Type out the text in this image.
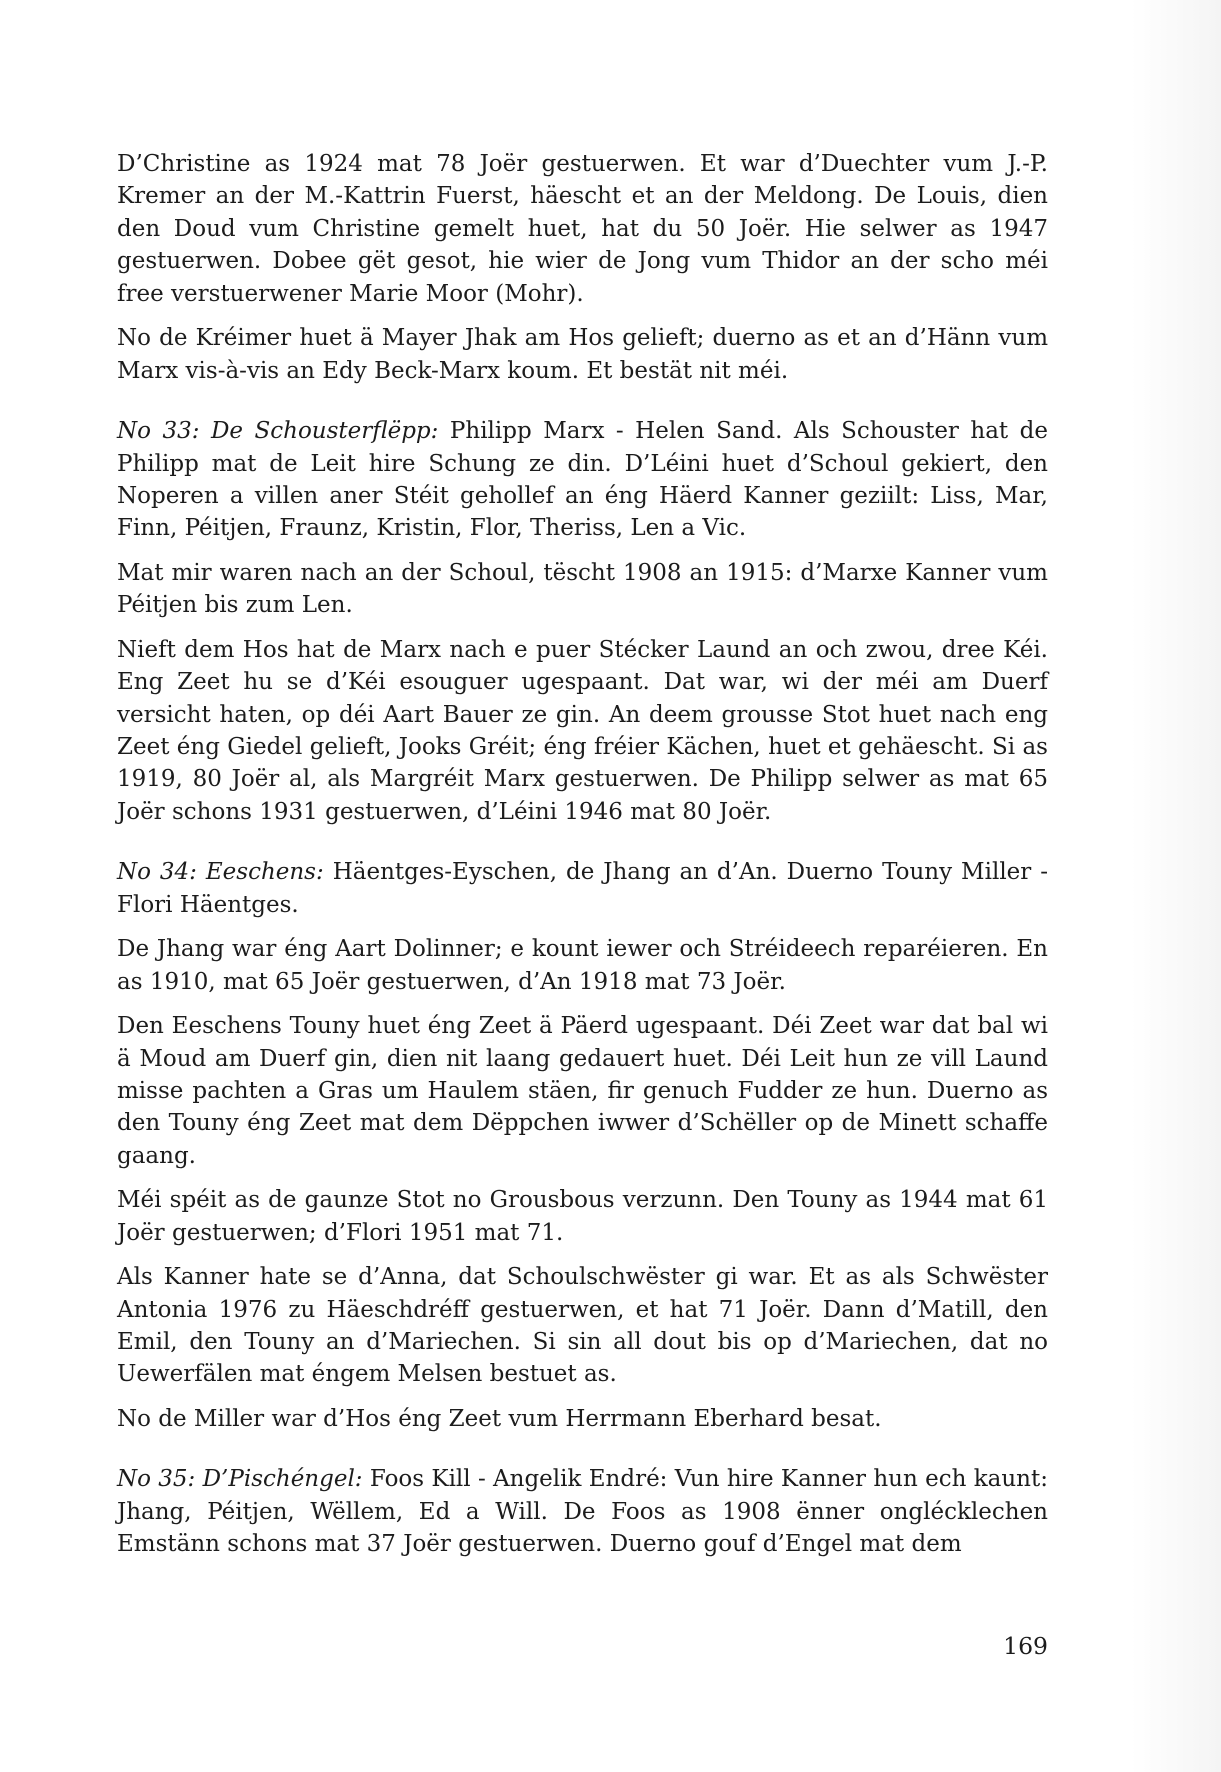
D’Christine as 1924 mat 78 Joër gestuerwen. Et war d’Duechter vum J.-P. Kremer an der M.-Kattrin Fuerst, häescht et an der Meldong. De Louis, dien den Doud vum Christine gemelt huet, hat du 50 Joër. Hie selwer as 1947 gestuerwen. Dobee gët gesot, hie wier de Jong vum Thidor an der scho méi free verstuerwener Marie Moor (Mohr).

No de Kréimer huet ä Mayer Jhak am Hos gelieft; duerno as et an d’Hänn vum Marx vis-à-vis an Edy Beck-Marx koum. Et bestät nit méi.

No 33: De Schousterflëpp: Philipp Marx - Helen Sand. Als Schouster hat de Philipp mat de Leit hire Schung ze din. D’Léini huet d’Schoul gekiert, den Noperen a villen aner Stéit gehollef an éng Häerd Kanner geziilt: Liss, Mar, Finn, Péitjen, Fraunz, Kristin, Flor, Theriss, Len a Vic.

Mat mir waren nach an der Schoul, tëscht 1908 an 1915: d’Marxe Kanner vum Péitjen bis zum Len.

Nieft dem Hos hat de Marx nach e puer Stécker Laund an och zwou, dree Kéi. Eng Zeet hu se d’Kéi esouguer ugespaant. Dat war, wi der méi am Duerf versicht haten, op déi Aart Bauer ze gin. An deem grousse Stot huet nach eng Zeet éng Giedel gelieft, Jooks Gréit; éng fréier Kächen, huet et gehäescht. Si as 1919, 80 Joër al, als Margréit Marx gestuerwen. De Philipp selwer as mat 65 Joër schons 1931 gestuerwen, d’Léini 1946 mat 80 Joër.

No 34: Eeschens: Häentges-Eyschen, de Jhang an d’An. Duerno Touny Miller - Flori Häentges.

De Jhang war éng Aart Dolinner; e kount iewer och Stréideech reparéieren. En as 1910, mat 65 Joër gestuerwen, d’An 1918 mat 73 Joër.

Den Eeschens Touny huet éng Zeet ä Päerd ugespaant. Déi Zeet war dat bal wi ä Moud am Duerf gin, dien nit laang gedauert huet. Déi Leit hun ze vill Laund misse pachten a Gras um Haulem stäen, fir genuch Fudder ze hun. Duerno as den Touny éng Zeet mat dem Dëppchen iwwer d’Schëller op de Minett schaffe gaang.

Méi spéit as de gaunze Stot no Grousbous verzunn. Den Touny as 1944 mat 61 Joër gestuerwen; d’Flori 1951 mat 71.

Als Kanner hate se d’Anna, dat Schoulschwëster gi war. Et as als Schwëster Antonia 1976 zu Häeschdréff gestuerwen, et hat 71 Joër. Dann d’Matill, den Emil, den Touny an d’Mariechen. Si sin all dout bis op d’Mariechen, dat no Uewerfälen mat éngem Melsen bestuet as.

No de Miller war d’Hos éng Zeet vum Herrmann Eberhard besat.

No 35: D’Pischéngel: Foos Kill - Angelik Endré: Vun hire Kanner hun ech kaunt: Jhang, Péitjen, Wëllem, Ed a Will. De Foos as 1908 ënner onglécklechen Emstänn schons mat 37 Joër gestuerwen. Duerno gouf d’Engel mat dem

169
